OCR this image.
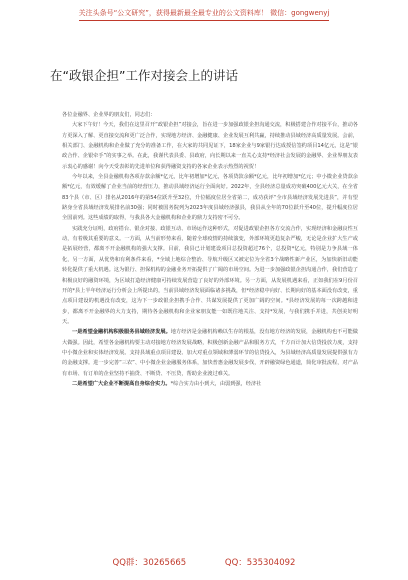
关注头条号“公文研究”，获得最新最全最专业的公文资料库！ 微信：gongwenyj
在“政银企担”工作对接会上的讲话

各位金融界、企业界的朋友们，同志们：

大家下午好！今天，我们在这里召开“政银企担”对接会，旨在进一步加强政银企担沟通交流，积极搭建合作对接平台，推动各方更深入了解、更直接交流和更广泛合作，实现地方经济、金融健康、企业发展互利共赢，持续推动县域经济高质量发展。会前，相关部门、金融机构和企业做了充分的准备工作，在大家的共同见证下，18家企业与9家银行达成授信签约项目14亿元，这是“银政合作、企银牵手”的实事之举。在此，我谨代表县委、县政府，向长期以来一直关心支持*经济社会发展的金融界、企业界朋友表示衷心的感谢！向今天受表彰的先进单位和获得融资支持的各家企业表示热烈的祝贺！

今年以来，全县金融机构各项存款余额*亿元，比年初增加*亿元，各项贷款余额*亿元，比年初增加*亿元；中小微企业贷款余额*亿元，有效缓解了企业当前的经营压力，推动县域经济运行全面向好。2022年，全县经济总量成功突破400亿元大关，在全省83个县（市、区）排名从2016年的第54位跃升至32位，升位幅度位居全省第二，成功获评“全市县域经济发展先进县”，并有望跻身全省县域经济发展排名前30强；同时被国务院列为2023年度县域经济强县，我县从全年的70位跃升至40位，提升幅度位居全国前列。这些成绩的取得，与我县各大金融机构和企业的鼎力支持密不可分。

实践充分证明，政府搭台、银企对接、政银互动、市场运作这种形式，对促进政银企担各方交流合作，实现经济和金融良性互动，有着极其重要的意义。一方面，从当前形势来看，随着全球疫情的持续演变，外部环境更趋复杂严峻，无论是企业扩大生产或是拓展经营，都离不开金融机构的强大支撑。目前，我县已计划建设项目总投资超过76个，总投资*亿元，特别是力争县域一体化，另一方面，从优势和有利条件来看，*全域上地综合整治、导航升级区又被定位为全省3个战略性新产业区，为加快新旧动能转化提供了重大机遇。这为银行、担保机构的金融业务开拓提供了广阔的市场空间。为进一步加强政银企担沟通合作，我们营造了积极良好的融资环境，为区域打造经济健康可持续发展营造了良好的外部环境。另一方面，从发展机遇来看，正如我们在9月份召开的*县上半年经济运行分析会上所提出的，当前县域经济发展面临诸多挑战，但*经济稳中向好、长期向好的基本面没有改变，重点项目建设的机遇没有改变，这为下一步政银企担携手合作、共谋发展提供了更加广阔的空间。*县经济发展的每一次跨越和进步，都离不开金融界的大力支持，期待各金融机构和企业家朋友能一如既往地关注、支持*发展，与我们携手并进，共创美好明天。

一是希望金融机构积极服务县域经济发展。地方经济是金融机构赖以生存的根基，没有地方经济的发展，金融机构也不可能做大做强。因此，希望各金融机构要主动对接地方经济发展战略，积极创新金融产品和服务方式，千方百计加大信贷投放力度，支持中小微企业和实体经济发展。支持县域重点项目建设、加大对重点领域和薄弱环节的信贷投入，为县域经济高质量发展提供强有力的金融支撑。进一步完善“三农”、中小微企业金融服务体系，加快普惠金融发展步伐，开辟融资绿色通道，简化审批流程，对产品有市场、有订单的企业坚持不抽贷、不断贷、不压贷，帮助企业渡过难关。

二是希望广大企业不断提高自身综合实力。*综合实力由小到大，由弱到强，经济社

QQ群：30265665	QQ：535304092
